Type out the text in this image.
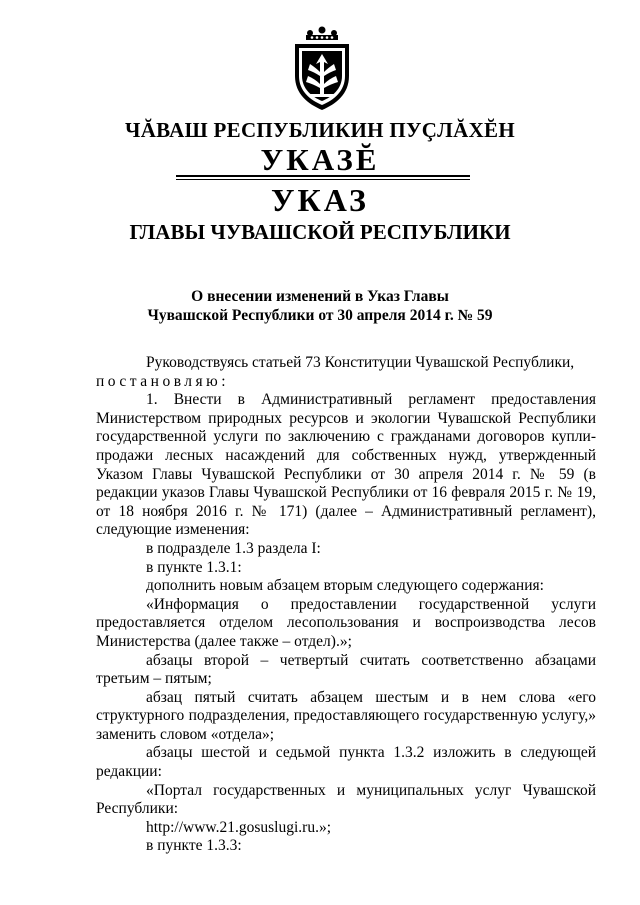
ЧĂВАШ РЕСПУБЛИКИН ПУÇЛĂХĔН
УКАЗĔ
УКАЗ
ГЛАВЫ ЧУВАШСКОЙ РЕСПУБЛИКИ
О внесении изменений в Указ Главы
Чувашской Республики от 30 апреля 2014 г. № 59

Руководствуясь статьей 73 Конституции Чувашской Республики,

постановляю:

1. Внести в Административный регламент предоставления Министерством природных ресурсов и экологии Чувашской Республики государственной услуги по заключению с гражданами договоров купли-продажи лесных насаждений для собственных нужд, утвержденный Указом Главы Чувашской Республики от 30 апреля 2014 г. № 59 (в редакции указов Главы Чувашской Республики от 16 февраля 2015 г. № 19, от 18 ноября 2016 г. № 171) (далее – Административный регламент), следующие изменения:

в подразделе 1.3 раздела I:

в пункте 1.3.1:

дополнить новым абзацем вторым следующего содержания:

«Информация о предоставлении государственной услуги предоставляется отделом лесопользования и воспроизводства лесов Министерства (далее также – отдел).»;

абзацы второй – четвертый считать соответственно абзацами третьим – пятым;

абзац пятый считать абзацем шестым и в нем слова «его структурного подразделения, предоставляющего государственную услугу,» заменить словом «отдела»;

абзацы шестой и седьмой пункта 1.3.2 изложить в следующей редакции:

«Портал государственных и муниципальных услуг Чувашской Республики:

http://www.21.gosuslugi.ru.»;

в пункте 1.3.3:
